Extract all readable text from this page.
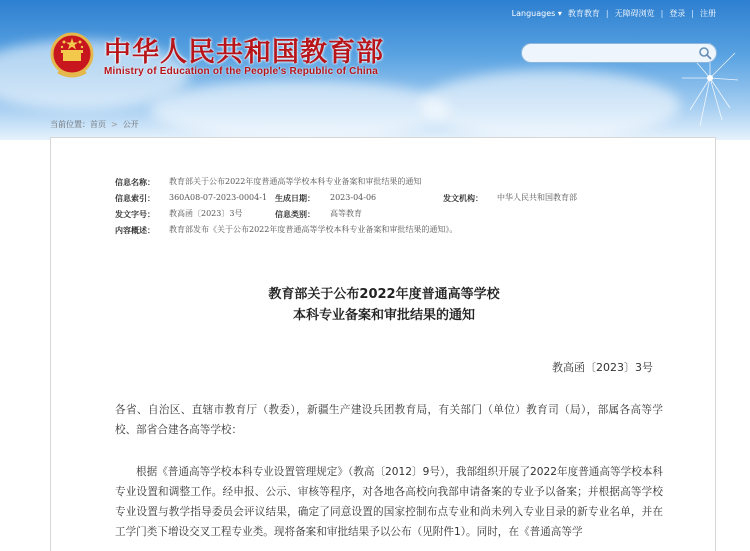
Languages ▾ 教育教育 | 无障碍浏览 | 登录 | 注册
中华人民共和国教育部
Ministry of Education of the People's Republic of China
当前位置：首页 > 公开
信息名称： 教育部关于公布2022年度普通高等学校本科专业备案和审批结果的通知
信息索引： 360A08-07-2023-0004-1 生成日期： 2023-04-06	发文机构： 中华人民共和国教育部
发文字号： 教高函〔2023〕3号	信息类别： 高等教育
内容概述： 教育部发布《关于公布2022年度普通高等学校本科专业备案和审批结果的通知》。
教育部关于公布2022年度普通高等学校
本科专业备案和审批结果的通知
教高函〔2023〕3号
各省、自治区、直辖市教育厅（教委），新疆生产建设兵团教育局，有关部门（单位）教育司（局），部属各高等学校、部省合建各高等学校：
根据《普通高等学校本科专业设置管理规定》（教高〔2012〕9号），我部组织开展了2022年度普通高等学校本科专业设置和调整工作。经申报、公示、审核等程序，对各地各高校向我部申请备案的专业予以备案；并根据高等学校专业设置与教学指导委员会评议结果，确定了同意设置的国家控制布点专业和尚未列入专业目录的新专业名单，并在工学门类下增设交叉工程专业类。现将备案和审批结果予以公布（见附件1）。同时，在《普通高等学
